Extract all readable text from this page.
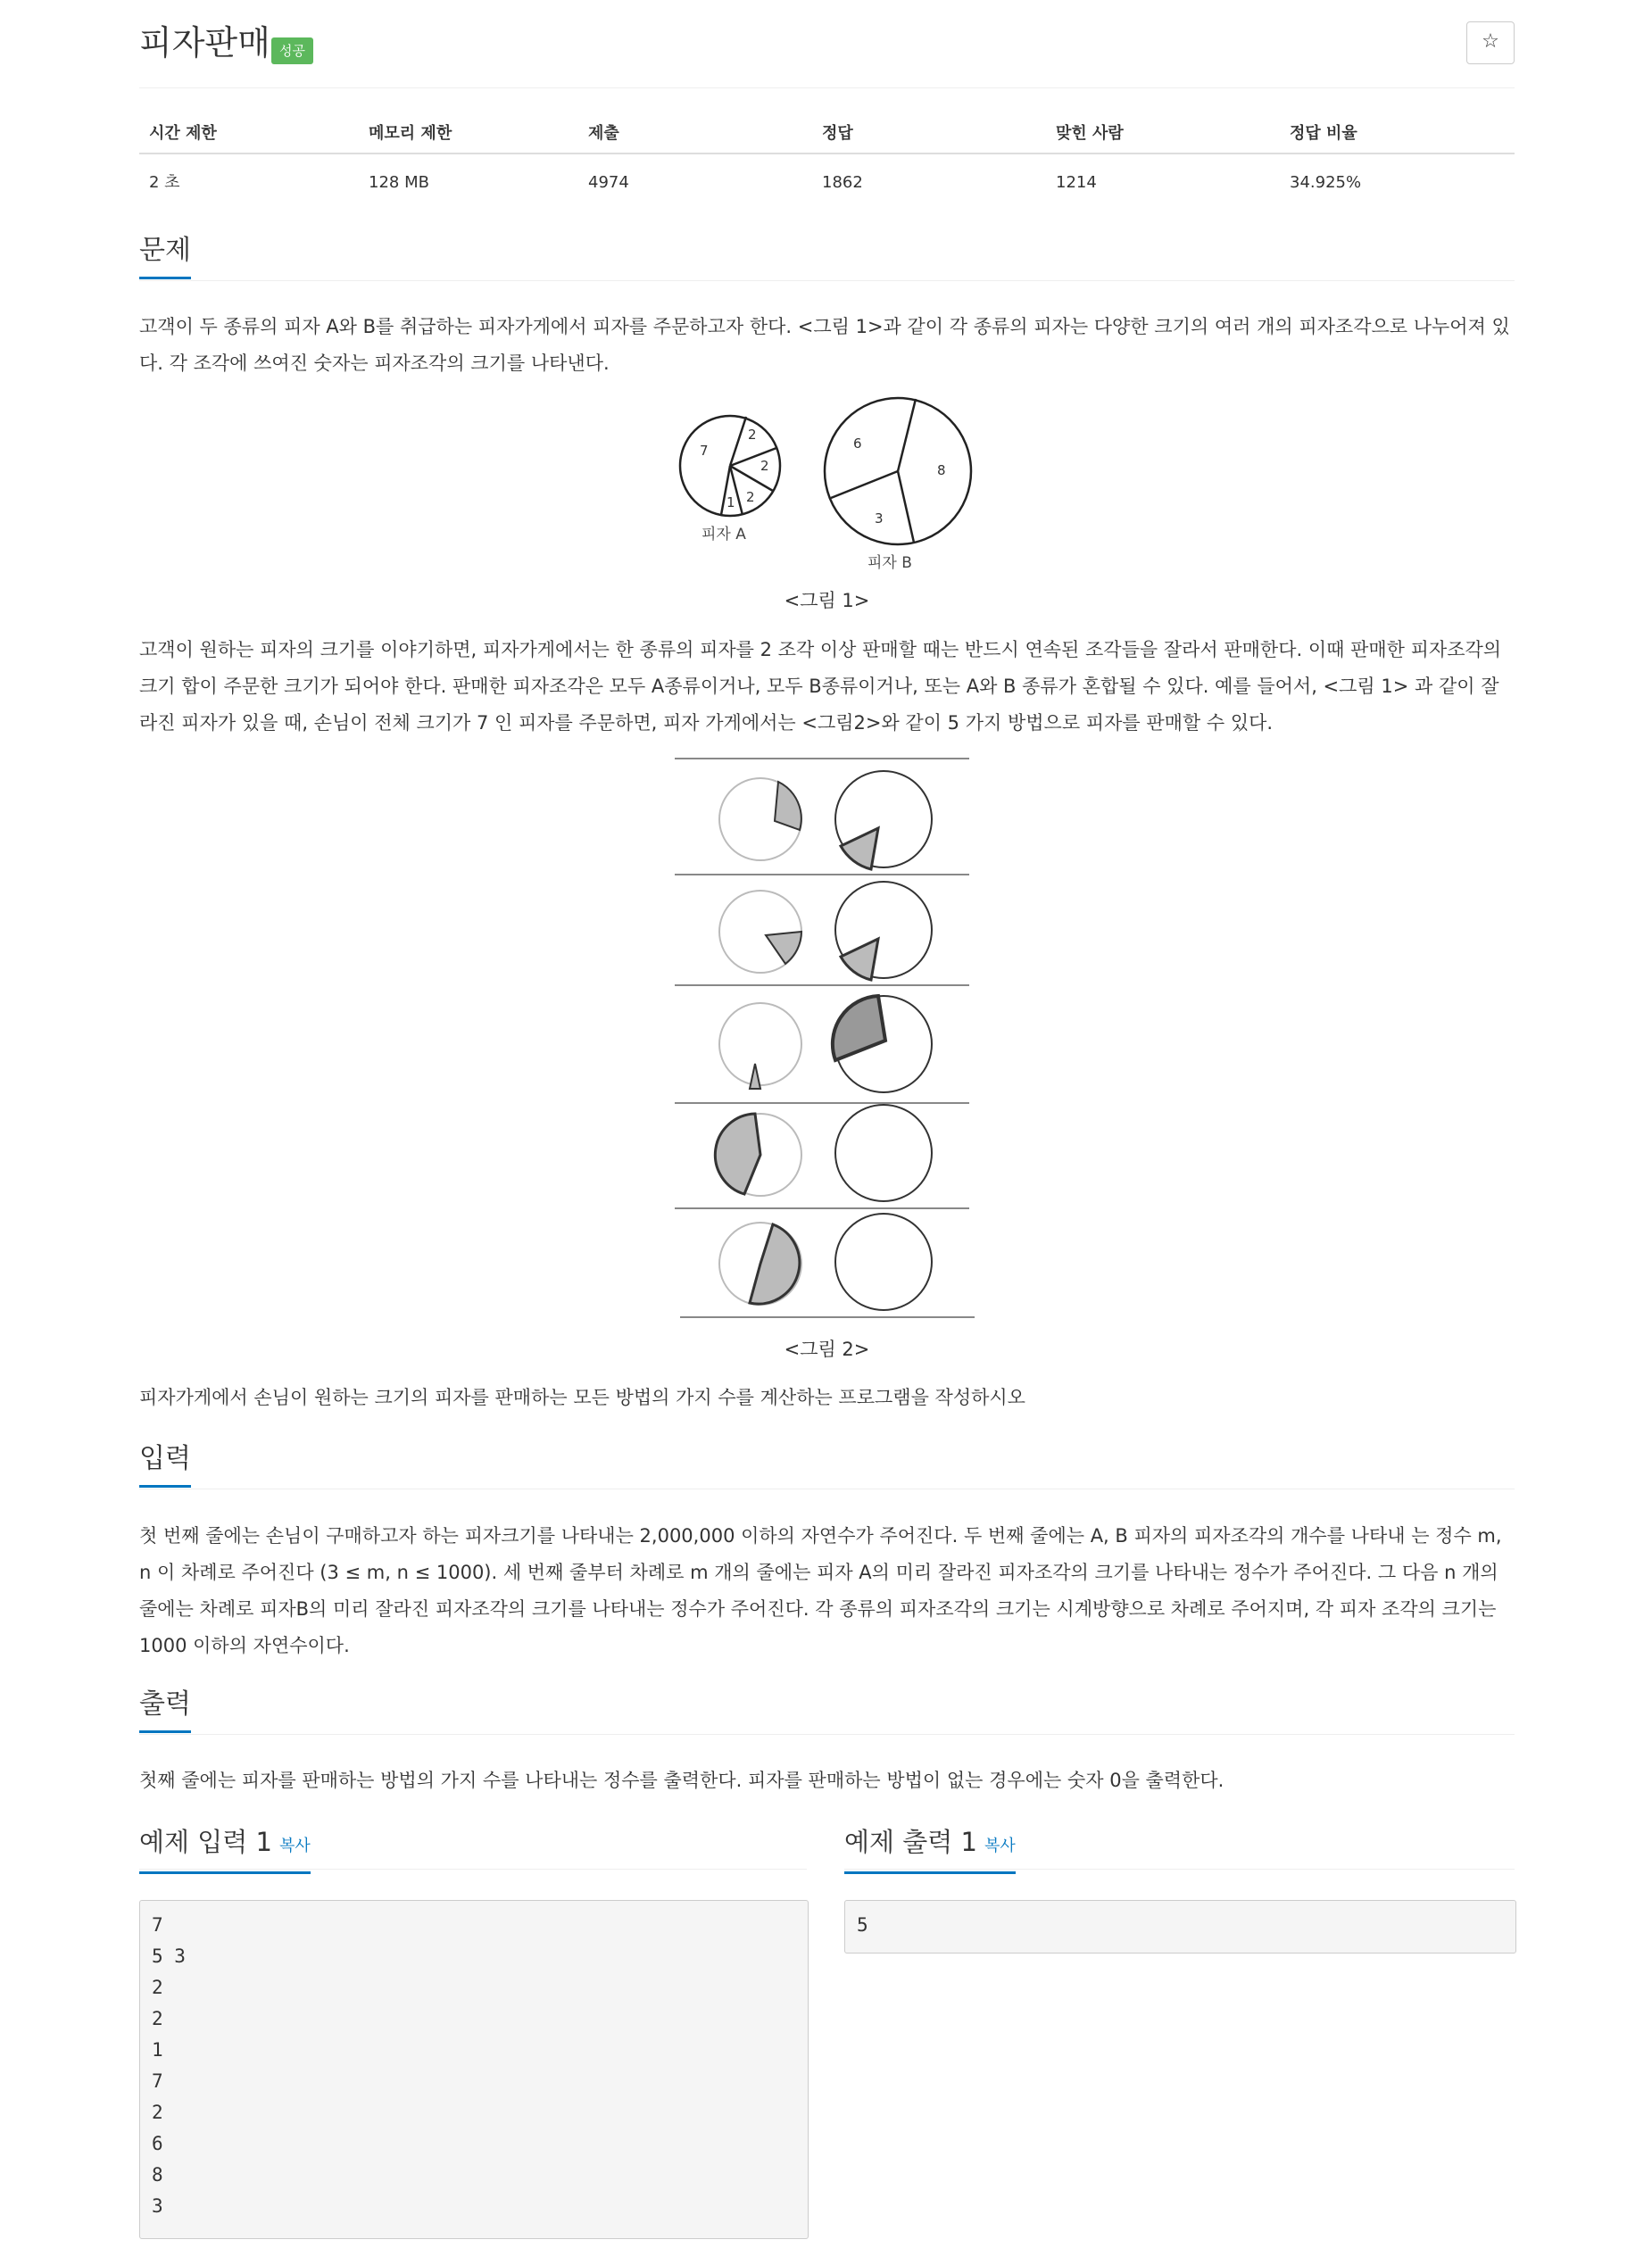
피자판매 성공	☆
시간 제한	메모리 제한	제출	정답	맞힌 사람	정답 비율
2 초	128 MB	4974	1862	1214	34.925%
문제
고객이 두 종류의 피자 A와 B를 취급하는 피자가게에서 피자를 주문하고자 한다. <그림 1>과 같이 각 종류의 피자는 다양한 크기의 여러 개의 피자조각으로 나누어져 있다. 각 조각에 쓰여진 숫자는 피자조각의 크기를 나타낸다.
7
2
2
2
1
6
8
3
피자 A
피자 B
<그림 1>
고객이 원하는 피자의 크기를 이야기하면, 피자가게에서는 한 종류의 피자를 2 조각 이상 판매할 때는 반드시 연속된 조각들을 잘라서 판매한다. 이때 판매한 피자조각의 크기 합이 주문한 크기가 되어야 한다. 판매한 피자조각은 모두 A종류이거나, 모두 B종류이거나, 또는 A와 B 종류가 혼합될 수 있다. 예를 들어서, <그림 1> 과 같이 잘라진 피자가 있을 때, 손님이 전체 크기가 7 인 피자를 주문하면, 피자 가게에서는 <그림2>와 같이 5 가지 방법으로 피자를 판매할 수 있다.
<그림 2>
피자가게에서 손님이 원하는 크기의 피자를 판매하는 모든 방법의 가지 수를 계산하는 프로그램을 작성하시오
입력
첫 번째 줄에는 손님이 구매하고자 하는 피자크기를 나타내는 2,000,000 이하의 자연수가 주어진다. 두 번째 줄에는 A, B 피자의 피자조각의 개수를 나타내 는 정수 m, n 이 차례로 주어진다 (3 ≤ m, n ≤ 1000). 세 번째 줄부터 차례로 m 개의 줄에는 피자 A의 미리 잘라진 피자조각의 크기를 나타내는 정수가 주어진다. 그 다음 n 개의 줄에는 차례로 피자B의 미리 잘라진 피자조각의 크기를 나타내는 정수가 주어진다. 각 종류의 피자조각의 크기는 시계방향으로 차례로 주어지며, 각 피자 조각의 크기는 1000 이하의 자연수이다.
출력
첫째 줄에는 피자를 판매하는 방법의 가지 수를 나타내는 정수를 출력한다. 피자를 판매하는 방법이 없는 경우에는 숫자 0을 출력한다.
예제 입력 1 복사	예제 출력 1 복사
7
5 3
2
2
1
7
2
6
8
3
5
